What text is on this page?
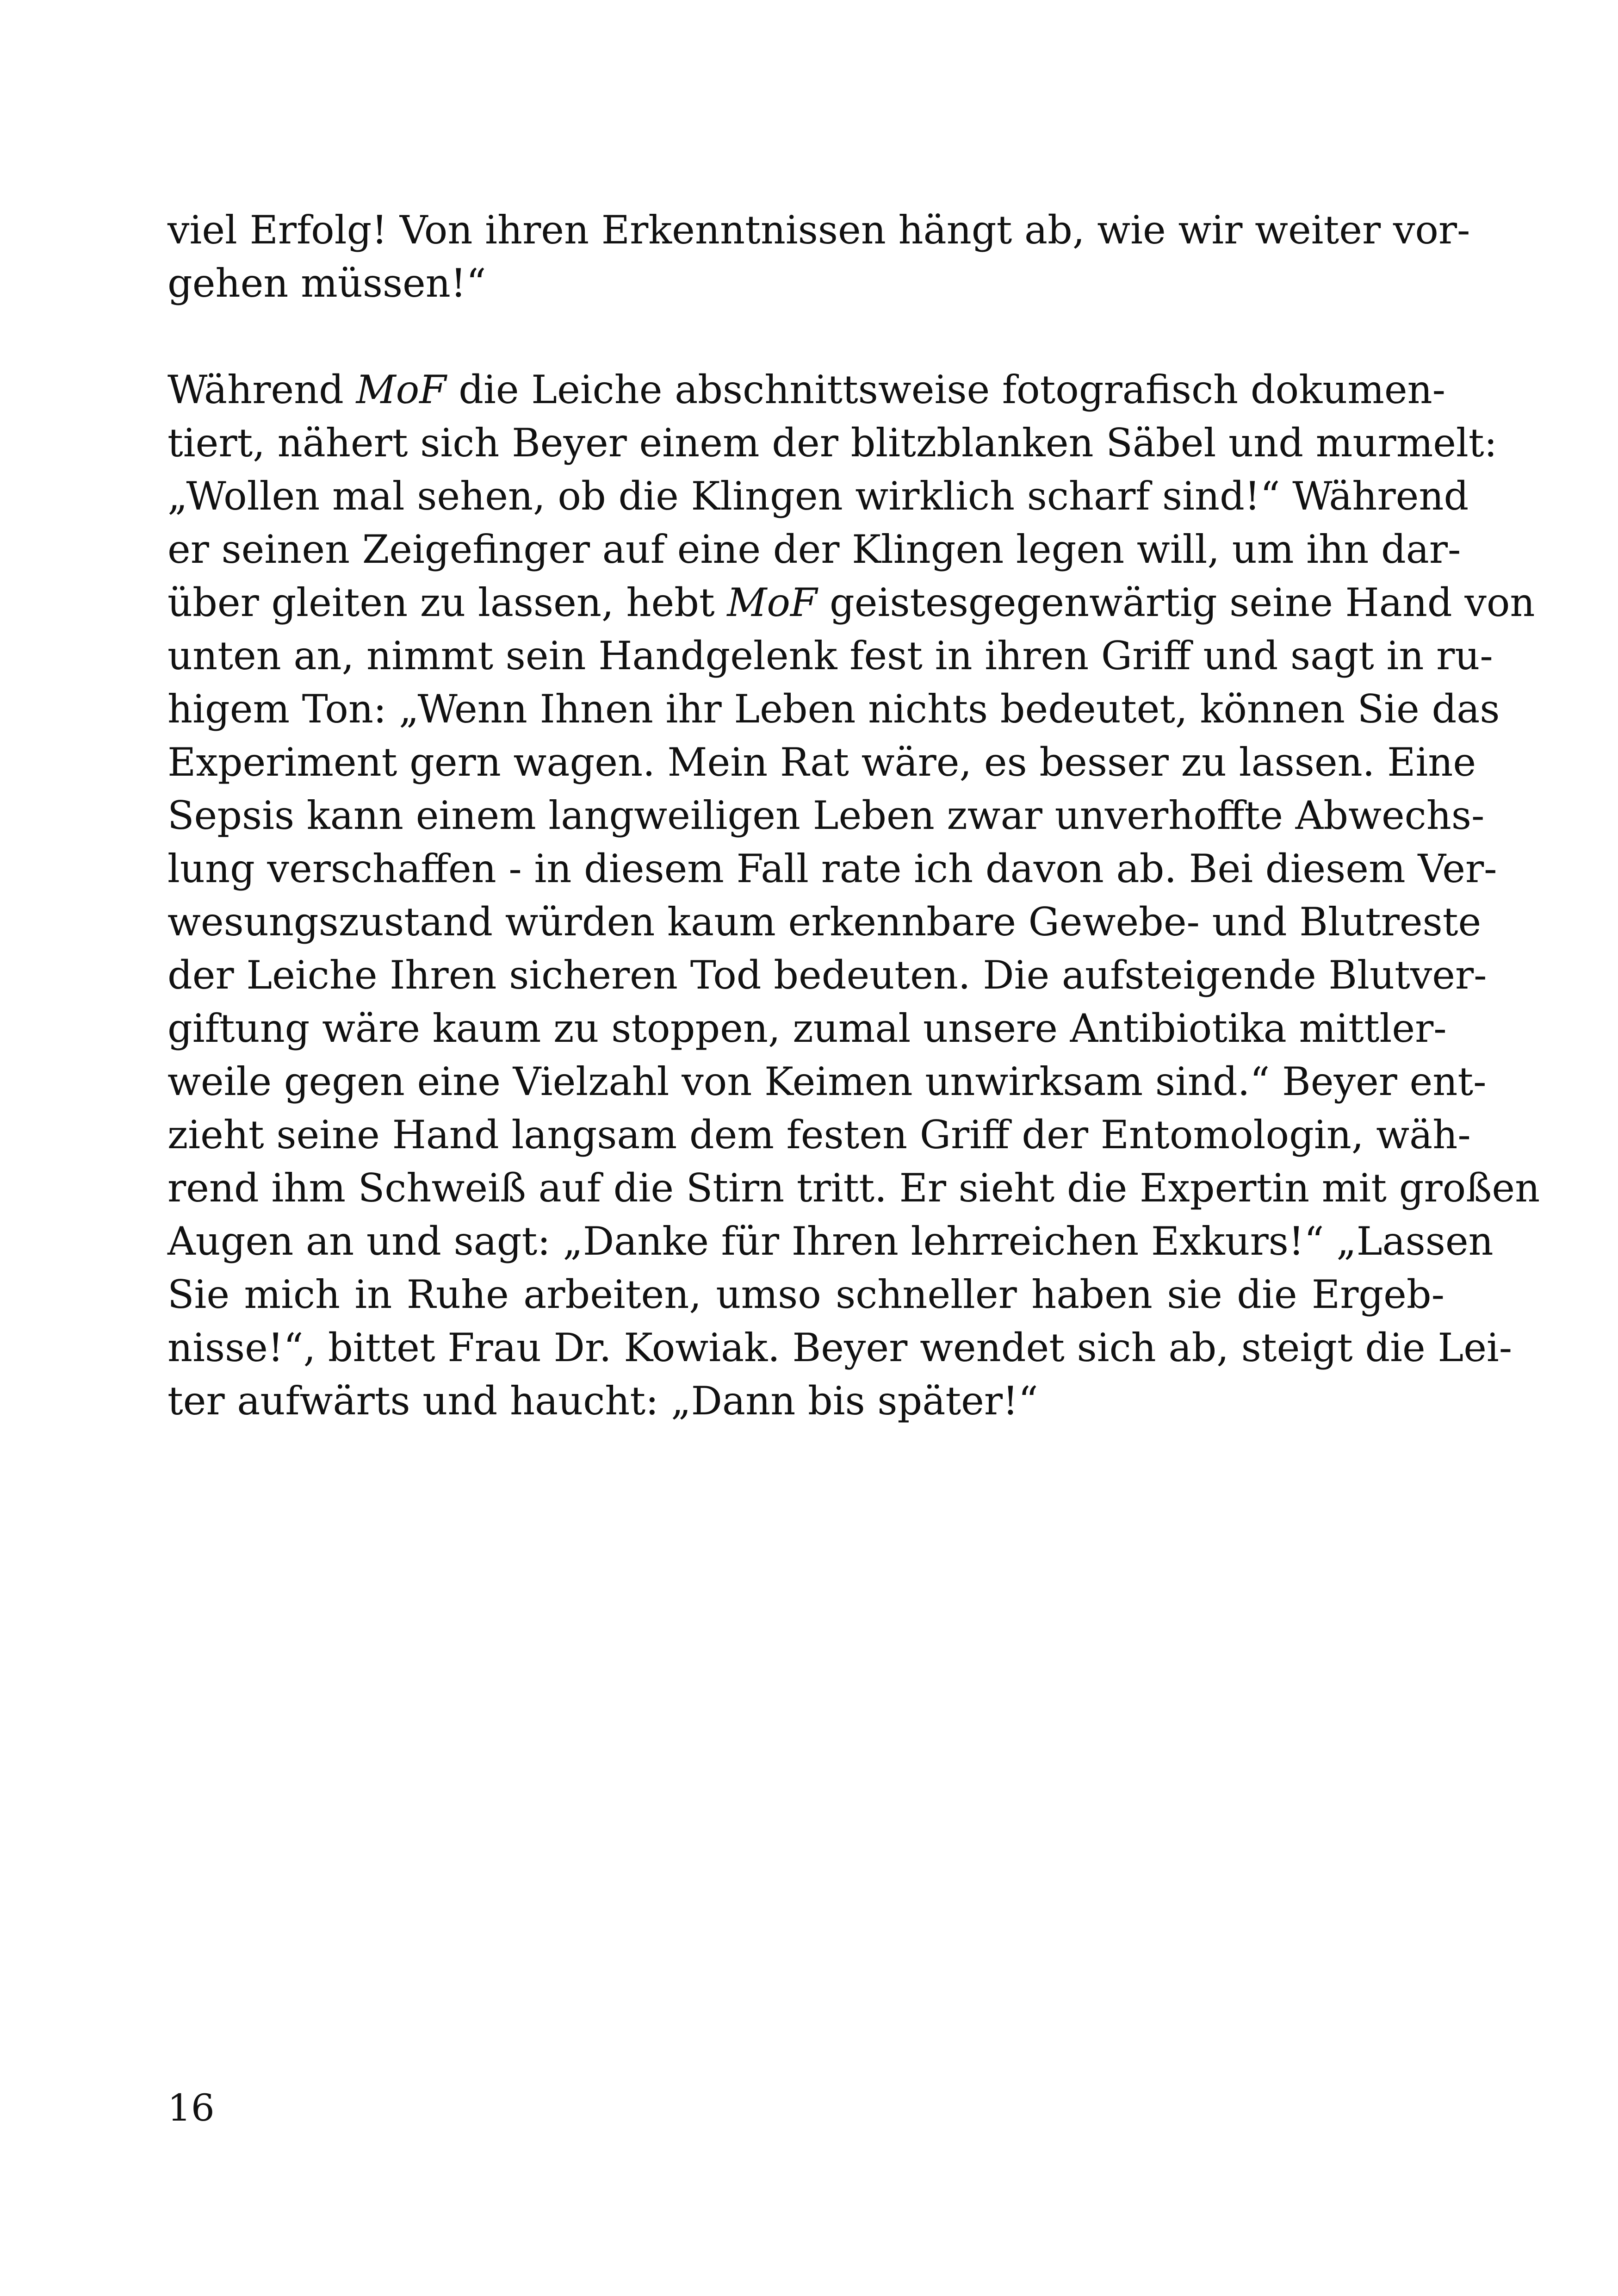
viel Erfolg! Von ihren Erkenntnissen hängt ab, wie wir weiter vor-
gehen müssen!“
Während MoF die Leiche abschnittsweise fotografisch dokumen-
tiert, nähert sich Beyer einem der blitzblanken Säbel und murmelt:
„Wollen mal sehen, ob die Klingen wirklich scharf sind!“ Während
er seinen Zeigefinger auf eine der Klingen legen will, um ihn dar-
über gleiten zu lassen, hebt MoF geistesgegenwärtig seine Hand von
unten an, nimmt sein Handgelenk fest in ihren Griff und sagt in ru-
higem Ton: „Wenn Ihnen ihr Leben nichts bedeutet, können Sie das
Experiment gern wagen. Mein Rat wäre, es besser zu lassen. Eine
Sepsis kann einem langweiligen Leben zwar unverhoffte Abwechs-
lung verschaffen - in diesem Fall rate ich davon ab. Bei diesem Ver-
wesungszustand würden kaum erkennbare Gewebe- und Blutreste
der Leiche Ihren sicheren Tod bedeuten. Die aufsteigende Blutver-
giftung wäre kaum zu stoppen, zumal unsere Antibiotika mittler-
weile gegen eine Vielzahl von Keimen unwirksam sind.“ Beyer ent-
zieht seine Hand langsam dem festen Griff der Entomologin, wäh-
rend ihm Schweiß auf die Stirn tritt. Er sieht die Expertin mit großen
Augen an und sagt: „Danke für Ihren lehrreichen Exkurs!“ „Lassen
Sie mich in Ruhe arbeiten, umso schneller haben sie die Ergeb-
nisse!“, bittet Frau Dr. Kowiak. Beyer wendet sich ab, steigt die Lei-
ter aufwärts und haucht: „Dann bis später!“
16
